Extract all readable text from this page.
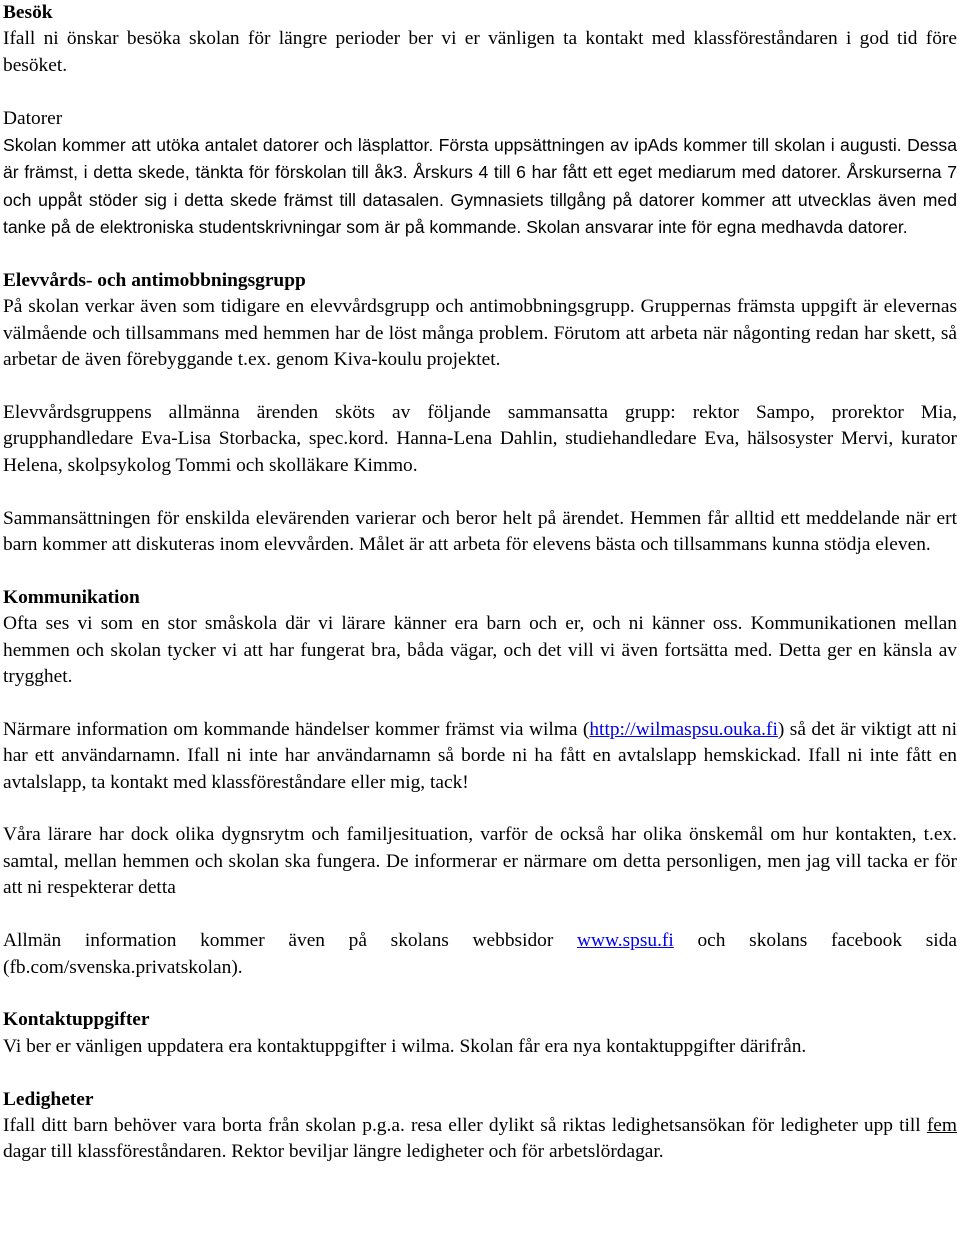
Besök

Ifall ni önskar besöka skolan för längre perioder ber vi er vänligen ta kontakt med klassföreståndaren i god tid före besöket.

Datorer

Skolan kommer att utöka antalet datorer och läsplattor. Första uppsättningen av ipAds kommer till skolan i augusti. Dessa är främst, i detta skede, tänkta för förskolan till åk3. Årskurs 4 till 6 har fått ett eget mediarum med datorer. Årskurserna 7 och uppåt stöder sig i detta skede främst till datasalen. Gymnasiets tillgång på datorer kommer att utvecklas även med tanke på de elektroniska studentskrivningar som är på kommande. Skolan ansvarar inte för egna medhavda datorer.

Elevvårds- och antimobbningsgrupp

På skolan verkar även som tidigare en elevvårdsgrupp och antimobbningsgrupp. Gruppernas främsta uppgift är elevernas välmående och tillsammans med hemmen har de löst många problem. Förutom att arbeta när någonting redan har skett, så arbetar de även förebyggande t.ex. genom Kiva-koulu projektet.

Elevvårdsgruppens allmänna ärenden sköts av följande sammansatta grupp: rektor Sampo, prorektor Mia, grupphandledare Eva-Lisa Storbacka, spec.kord. Hanna-Lena Dahlin, studiehandledare Eva, hälsosyster Mervi, kurator Helena, skolpsykolog Tommi och skolläkare Kimmo.

Sammansättningen för enskilda elevärenden varierar och beror helt på ärendet. Hemmen får alltid ett meddelande när ert barn kommer att diskuteras inom elevvården. Målet är att arbeta för elevens bästa och tillsammans kunna stödja eleven.

Kommunikation

Ofta ses vi som en stor småskola där vi lärare känner era barn och er, och ni känner oss. Kommunikationen mellan hemmen och skolan tycker vi att har fungerat bra, båda vägar, och det vill vi även fortsätta med. Detta ger en känsla av trygghet.

Närmare information om kommande händelser kommer främst via wilma (http://wilmaspsu.ouka.fi) så det är viktigt att ni har ett användarnamn. Ifall ni inte har användarnamn så borde ni ha fått en avtalslapp hemskickad. Ifall ni inte fått en avtalslapp, ta kontakt med klassföreståndare eller mig, tack!

Våra lärare har dock olika dygnsrytm och familjesituation, varför de också har olika önskemål om hur kontakten, t.ex. samtal, mellan hemmen och skolan ska fungera. De informerar er närmare om detta personligen, men jag vill tacka er för att ni respekterar detta

Allmän information kommer även på skolans webbsidor www.spsu.fi och skolans facebook sida (fb.com/svenska.privatskolan).

Kontaktuppgifter

Vi ber er vänligen uppdatera era kontaktuppgifter i wilma. Skolan får era nya kontaktuppgifter därifrån.

Ledigheter

Ifall ditt barn behöver vara borta från skolan p.g.a. resa eller dylikt så riktas ledighetsansökan för ledigheter upp till fem dagar till klassföreståndaren. Rektor beviljar längre ledigheter och för arbetslördagar.
